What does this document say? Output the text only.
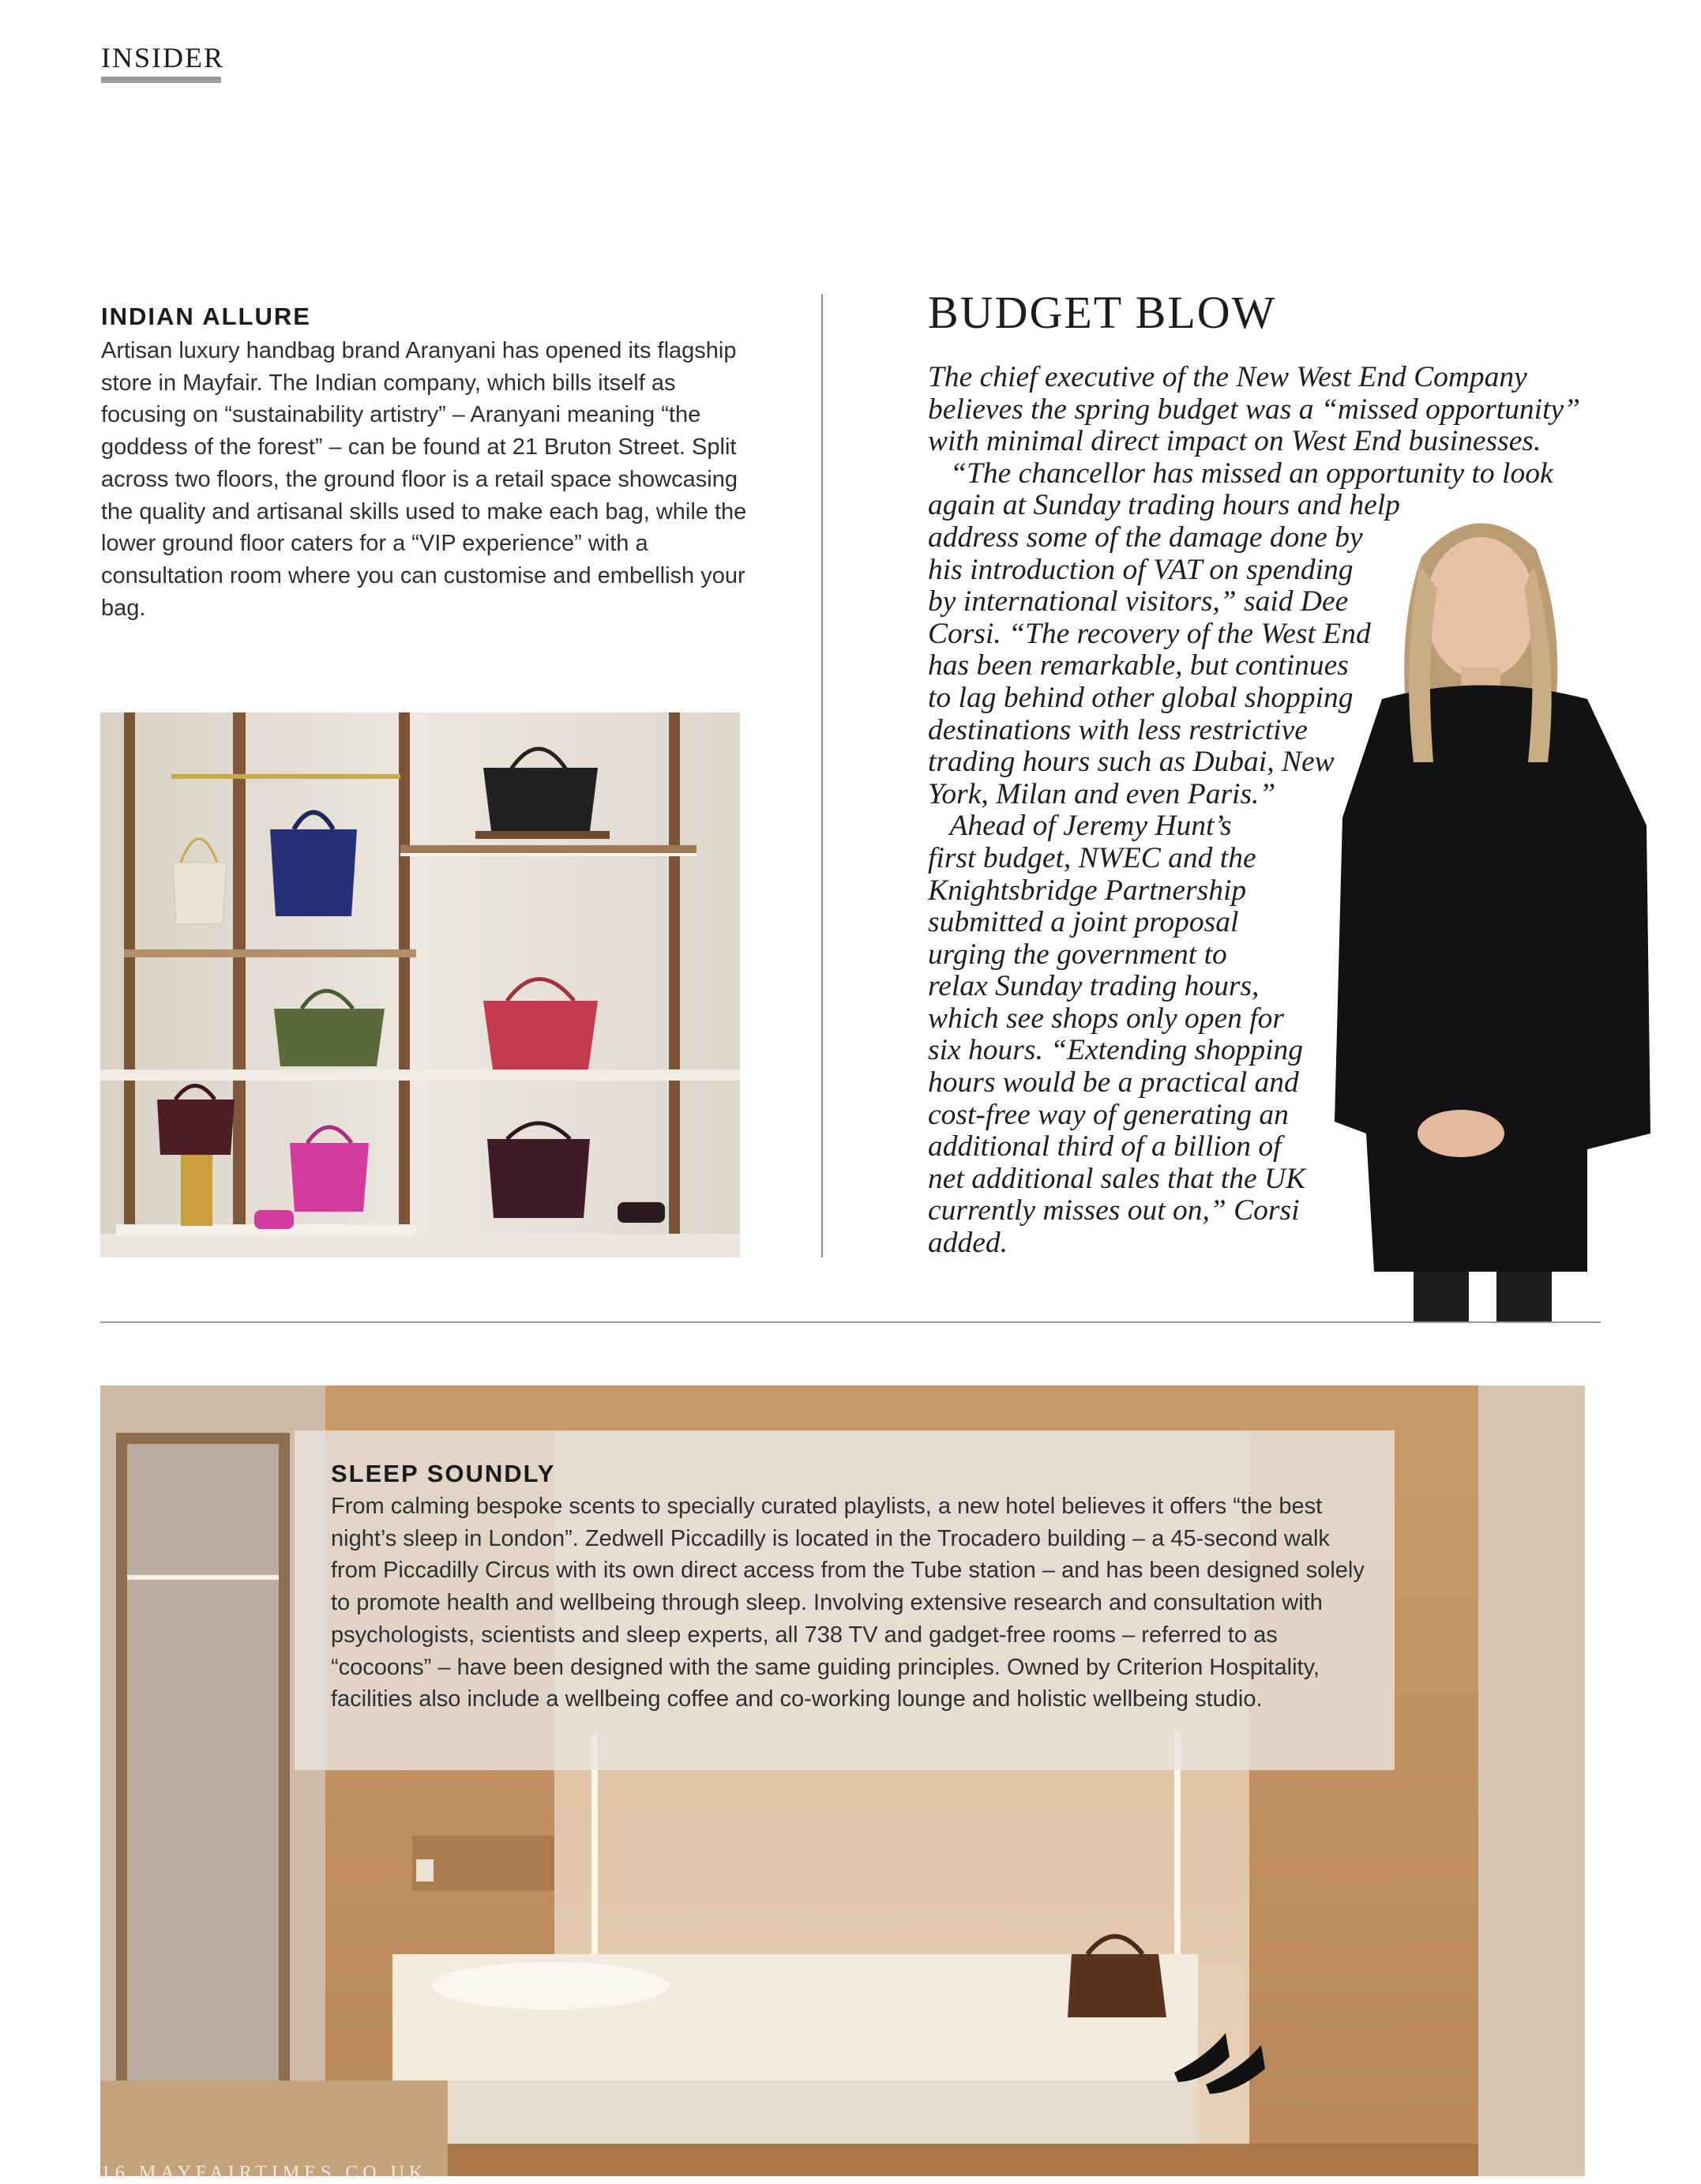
INSIDER
INDIAN ALLURE
Artisan luxury handbag brand Aranyani has opened its flagship store in Mayfair. The Indian company, which bills itself as focusing on “sustainability artistry” – Aranyani meaning “the goddess of the forest” – can be found at 21 Bruton Street. Split across two floors, the ground floor is a retail space showcasing the quality and artisanal skills used to make each bag, while the lower ground floor caters for a “VIP experience” with a consultation room where you can customise and embellish your bag.
BUDGET BLOW
The chief executive of the New West End Company
believes the spring budget was a “missed opportunity”
with minimal direct impact on West End businesses.
“The chancellor has missed an opportunity to look
again at Sunday trading hours and help
address some of the damage done by
his introduction of VAT on spending
by international visitors,” said Dee
Corsi. “The recovery of the West End
has been remarkable, but continues
to lag behind other global shopping
destinations with less restrictive
trading hours such as Dubai, New
York, Milan and even Paris.”
Ahead of Jeremy Hunt’s
first budget, NWEC and the
Knightsbridge Partnership
submitted a joint proposal
urging the government to
relax Sunday trading hours,
which see shops only open for
six hours. “Extending shopping
hours would be a practical and
cost-free way of generating an
additional third of a billion of
net additional sales that the UK
currently misses out on,” Corsi
added.
SLEEP SOUNDLY
From calming bespoke scents to specially curated playlists, a new hotel believes it offers “the best night’s sleep in London”. Zedwell Piccadilly is located in the Trocadero building – a 45-second walk from Piccadilly Circus with its own direct access from the Tube station – and has been designed solely to promote health and wellbeing through sleep. Involving extensive research and consultation with psychologists, scientists and sleep experts, all 738 TV and gadget-free rooms – referred to as “cocoons” – have been designed with the same guiding principles. Owned by Criterion Hospitality, facilities also include a wellbeing coffee and co-working lounge and holistic wellbeing studio.
16 MAYFAIRTIMES.CO.UK
